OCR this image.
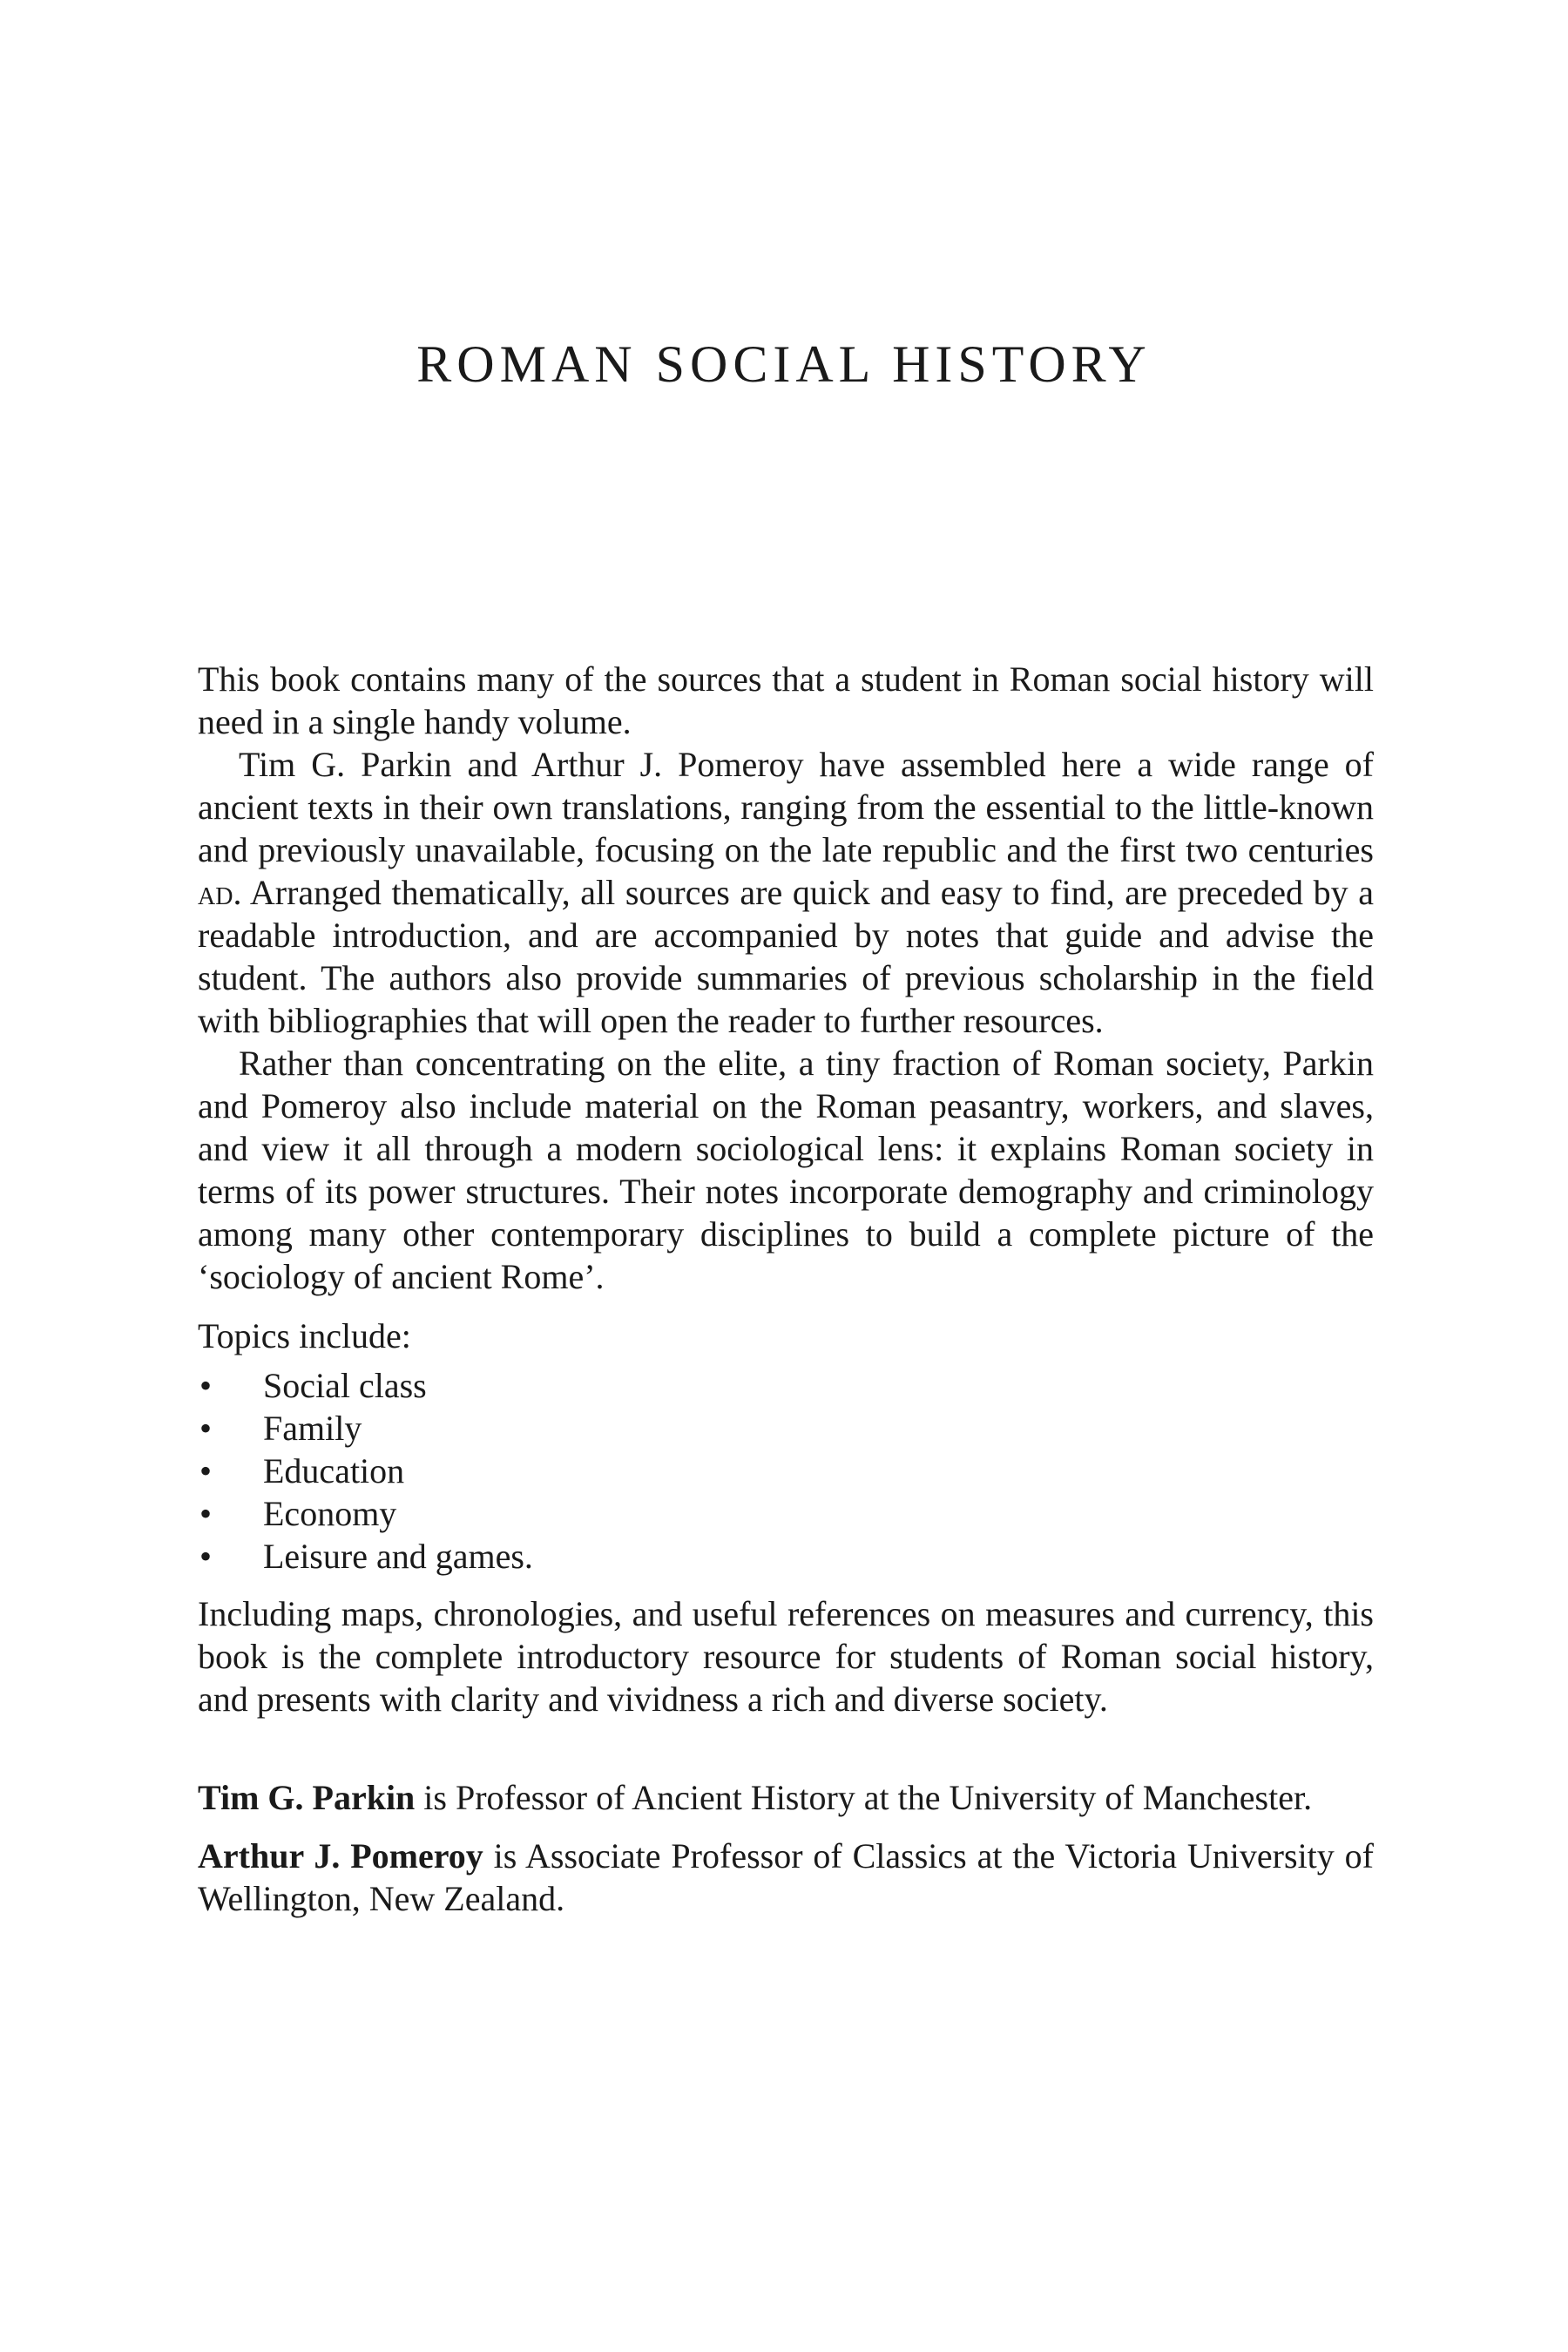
ROMAN SOCIAL HISTORY

This book contains many of the sources that a student in Roman social history will need in a single handy volume.

Tim G. Parkin and Arthur J. Pomeroy have assembled here a wide range of ancient texts in their own translations, ranging from the essential to the little-known and previously unavailable, focusing on the late republic and the first two centuries ad. Arranged thematically, all sources are quick and easy to find, are preceded by a readable introduction, and are accompanied by notes that guide and advise the student. The authors also provide summaries of previous scholarship in the field with bibliographies that will open the reader to further resources.

Rather than concentrating on the elite, a tiny fraction of Roman society, Parkin and Pomeroy also include material on the Roman peasantry, workers, and slaves, and view it all through a modern sociological lens: it explains Roman society in terms of its power structures. Their notes incorporate demography and criminology among many other contemporary disciplines to build a complete picture of the ‘sociology of ancient Rome’.

Topics include:

• Social class
• Family
• Education
• Economy
• Leisure and games.

Including maps, chronologies, and useful references on measures and currency, this book is the complete introductory resource for students of Roman social history, and presents with clarity and vividness a rich and diverse society.

Tim G. Parkin is Professor of Ancient History at the University of Manchester.

Arthur J. Pomeroy is Associate Professor of Classics at the Victoria University of Wellington, New Zealand.
